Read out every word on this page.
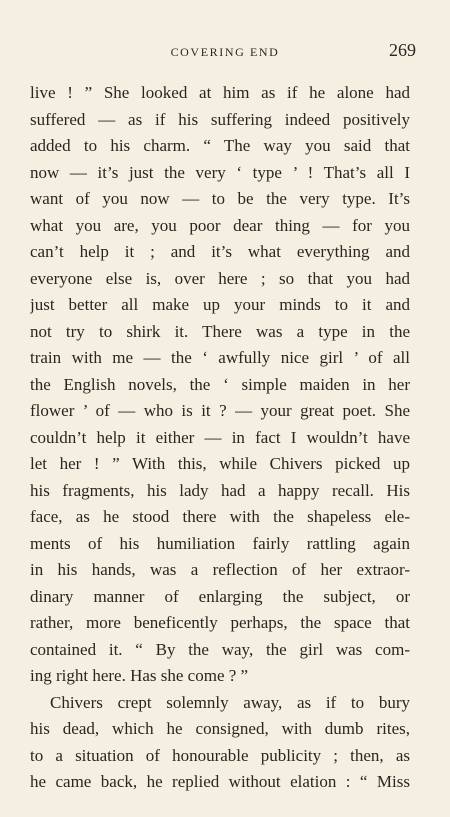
COVERING END	269
live ! ” She looked at him as if he alone had
suffered — as if his suffering indeed positively
added to his charm. “ The way you said that
now — it’s just the very ‘ type ’ ! That’s all I
want of you now — to be the very type. It’s
what you are, you poor dear thing — for you
can’t help it ; and it’s what everything and
everyone else is, over here ; so that you had
just better all make up your minds to it and
not try to shirk it. There was a type in the
train with me — the ‘ awfully nice girl ’ of all
the English novels, the ‘ simple maiden in her
flower ’ of — who is it ? — your great poet. She
couldn’t help it either — in fact I wouldn’t have
let her ! ” With this, while Chivers picked up
his fragments, his lady had a happy recall. His
face, as he stood there with the shapeless ele-
ments of his humiliation fairly rattling again
in his hands, was a reflection of her extraor-
dinary manner of enlarging the subject, or
rather, more beneficently perhaps, the space that
contained it. “ By the way, the girl was com-
ing right here. Has she come ? ”
Chivers crept solemnly away, as if to bury
his dead, which he consigned, with dumb rites,
to a situation of honourable publicity ; then, as
he came back, he replied without elation : “ Miss
